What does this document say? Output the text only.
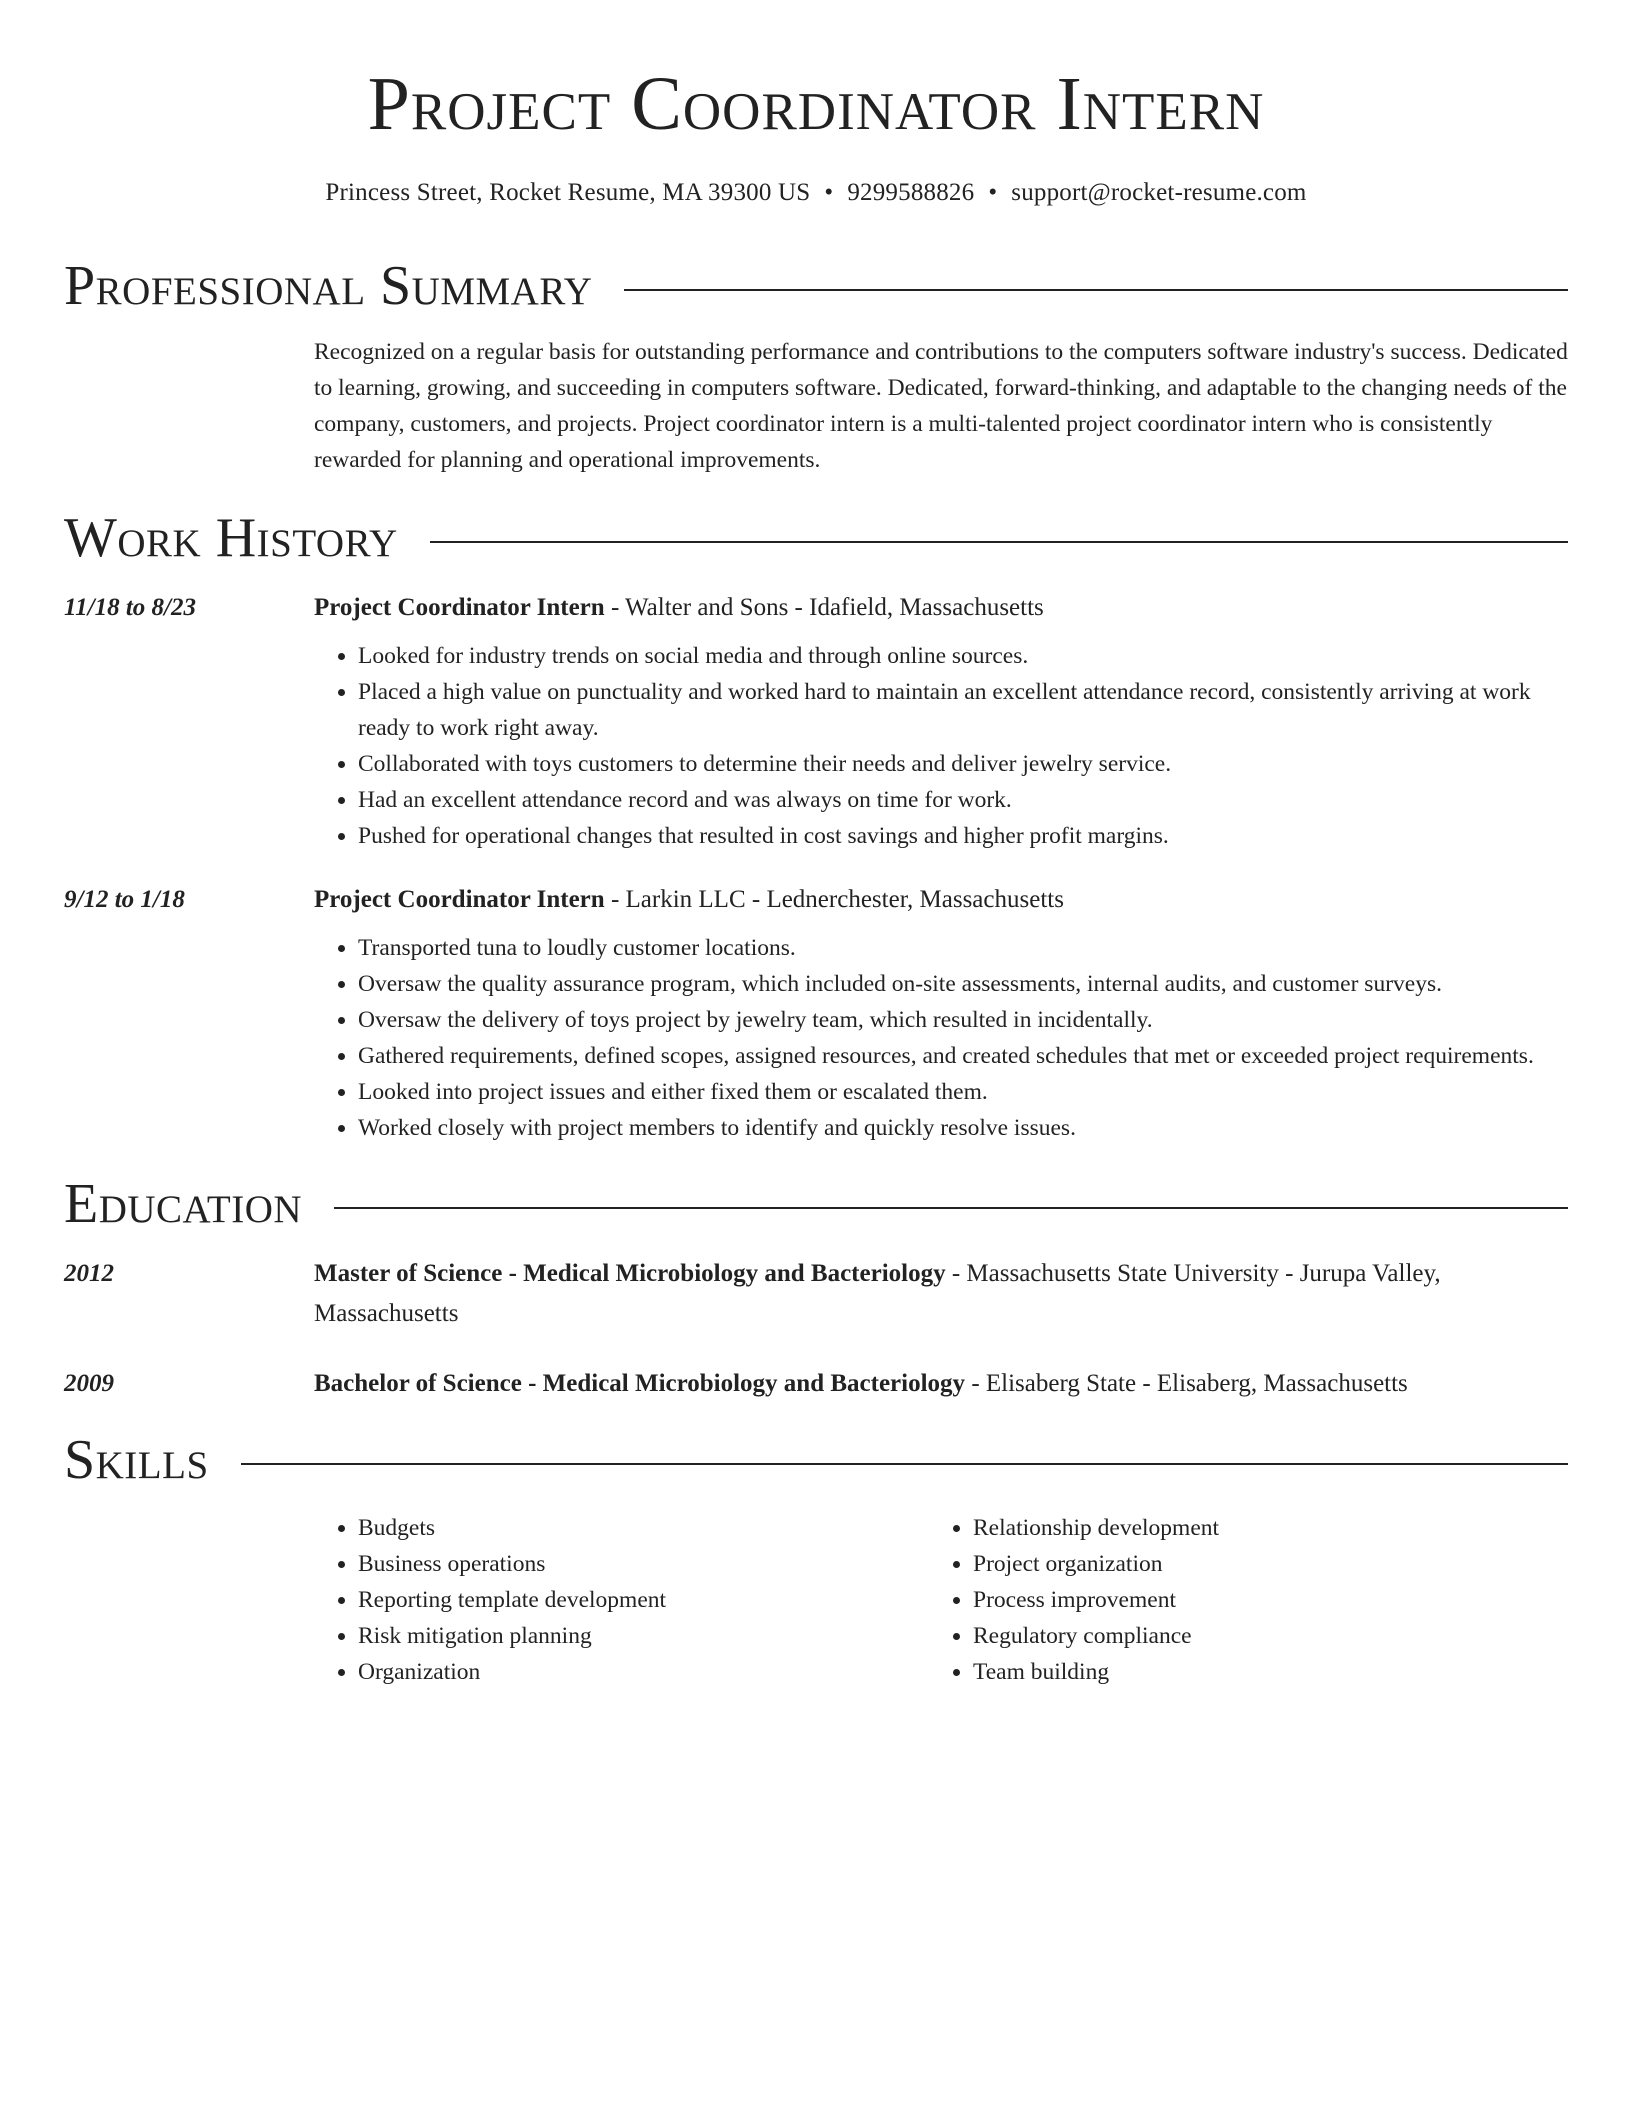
Project Coordinator Intern
Princess Street, Rocket Resume, MA 39300 US • 9299588826 • support@rocket-resume.com
Professional Summary
Recognized on a regular basis for outstanding performance and contributions to the computers software industry's success. Dedicated to learning, growing, and succeeding in computers software. Dedicated, forward-thinking, and adaptable to the changing needs of the company, customers, and projects. Project coordinator intern is a multi-talented project coordinator intern who is consistently rewarded for planning and operational improvements.
Work History
11/18 to 8/23	Project Coordinator Intern - Walter and Sons - Idafield, Massachusetts
• Looked for industry trends on social media and through online sources.
• Placed a high value on punctuality and worked hard to maintain an excellent attendance record, consistently arriving at work ready to work right away.
• Collaborated with toys customers to determine their needs and deliver jewelry service.
• Had an excellent attendance record and was always on time for work.
• Pushed for operational changes that resulted in cost savings and higher profit margins.
9/12 to 1/18	Project Coordinator Intern - Larkin LLC - Lednerchester, Massachusetts
• Transported tuna to loudly customer locations.
• Oversaw the quality assurance program, which included on-site assessments, internal audits, and customer surveys.
• Oversaw the delivery of toys project by jewelry team, which resulted in incidentally.
• Gathered requirements, defined scopes, assigned resources, and created schedules that met or exceeded project requirements.
• Looked into project issues and either fixed them or escalated them.
• Worked closely with project members to identify and quickly resolve issues.
Education
2012	Master of Science - Medical Microbiology and Bacteriology - Massachusetts State University - Jurupa Valley, Massachusetts
2009	Bachelor of Science - Medical Microbiology and Bacteriology - Elisaberg State - Elisaberg, Massachusetts
Skills
• Budgets
• Business operations
• Reporting template development
• Risk mitigation planning
• Organization
• Relationship development
• Project organization
• Process improvement
• Regulatory compliance
• Team building
